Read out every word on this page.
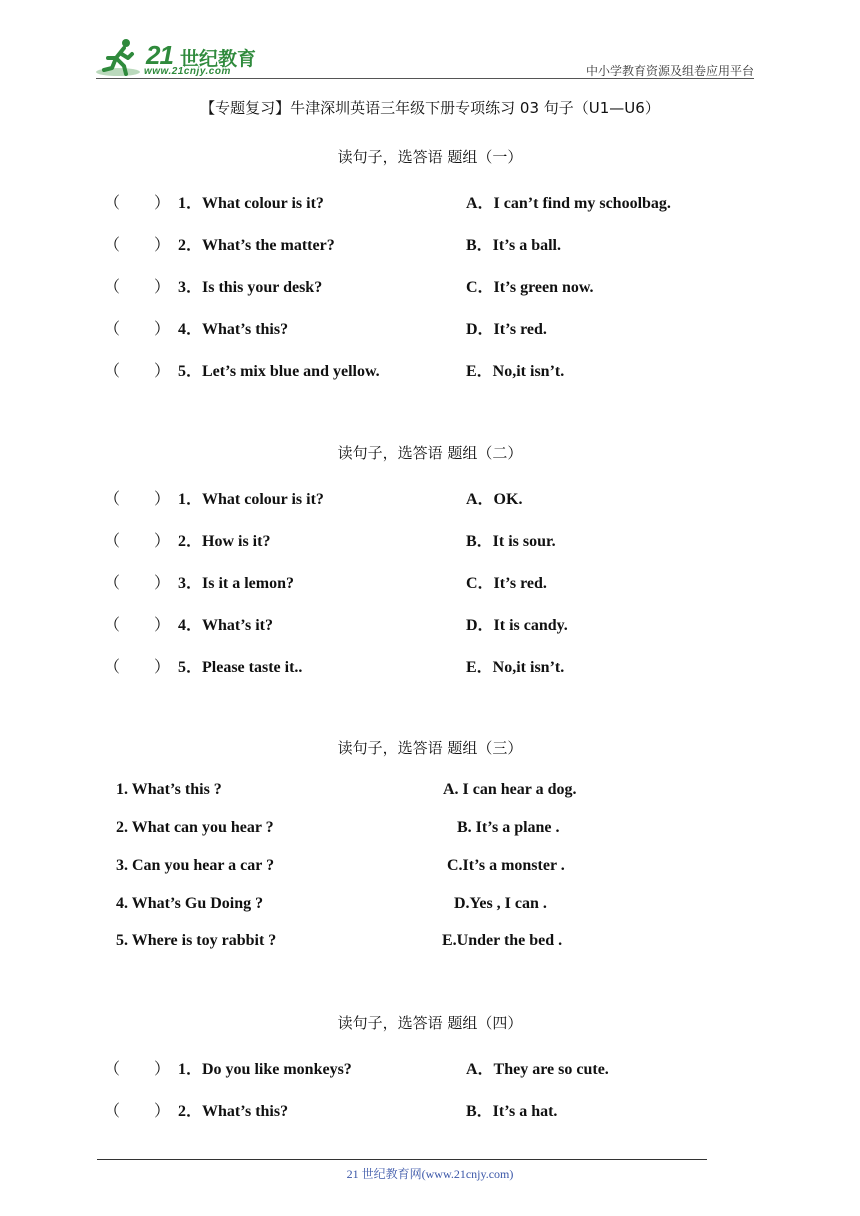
21 世纪教育
www.21cnjy.com	中小学教育资源及组卷应用平台
【专题复习】牛津深圳英语三年级下册专项练习 03 句子（U1—U6）
读句子，选答语 题组（一）
（ ） 1．What colour is it?	A．I can’t find my schoolbag.
（ ） 2．What’s the matter?	B．It’s a ball.
（ ） 3．Is this your desk?	C．It’s green now.
（ ） 4．What’s this?	D．It’s red.
（ ） 5．Let’s mix blue and yellow.	E．No,it isn’t.
读句子，选答语 题组（二）
（ ） 1．What colour is it?	A．OK.
（ ） 2．How is it?	B．It is sour.
（ ） 3．Is it a lemon?	C．It’s red.
（ ） 4．What’s it?	D．It is candy.
（ ） 5．Please taste it..	E．No,it isn’t.
读句子，选答语 题组（三）
1. What’s this ?	A. I can hear a dog.
2. What can you hear ?	B. It’s a plane .
3. Can you hear a car ?	C.It’s a monster .
4. What’s Gu Doing ?	D.Yes , I can .
5. Where is toy rabbit ?	E.Under the bed .
读句子，选答语 题组（四）
（ ） 1．Do you like monkeys?	A．They are so cute.
（ ） 2．What’s this?	B．It’s a hat.
21 世纪教育网(www.21cnjy.com)
